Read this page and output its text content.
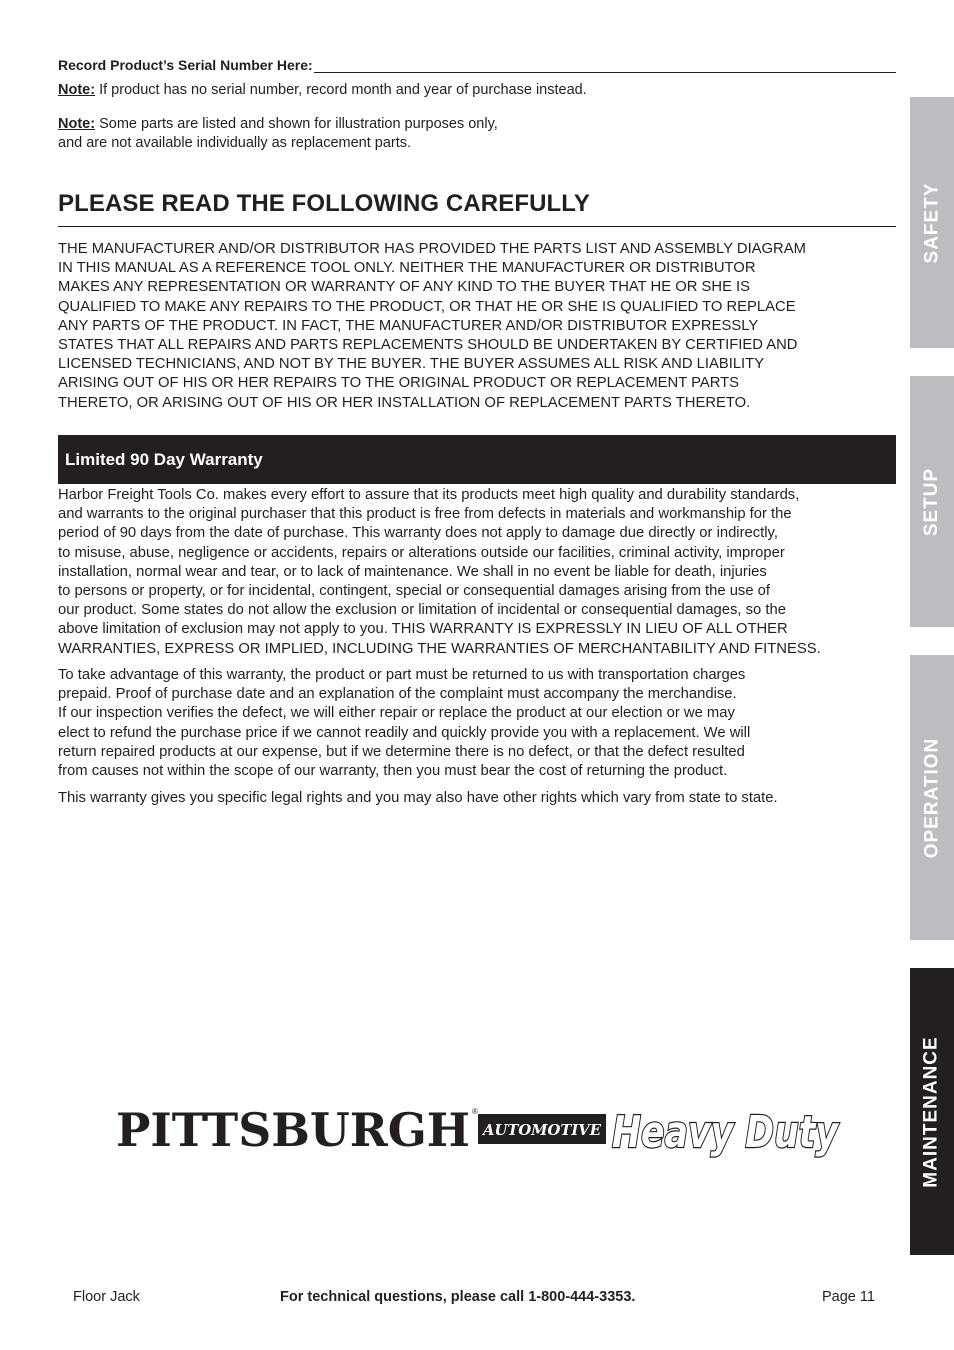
Record Product’s Serial Number Here:
Note: If product has no serial number, record month and year of purchase instead.
Note: Some parts are listed and shown for illustration purposes only,
and are not available individually as replacement parts.
PLEASE READ THE FOLLOWING CAREFULLY
THE MANUFACTURER AND/OR DISTRIBUTOR HAS PROVIDED THE PARTS LIST AND ASSEMBLY DIAGRAM
IN THIS MANUAL AS A REFERENCE TOOL ONLY. NEITHER THE MANUFACTURER OR DISTRIBUTOR
MAKES ANY REPRESENTATION OR WARRANTY OF ANY KIND TO THE BUYER THAT HE OR SHE IS
QUALIFIED TO MAKE ANY REPAIRS TO THE PRODUCT, OR THAT HE OR SHE IS QUALIFIED TO REPLACE
ANY PARTS OF THE PRODUCT. IN FACT, THE MANUFACTURER AND/OR DISTRIBUTOR EXPRESSLY
STATES THAT ALL REPAIRS AND PARTS REPLACEMENTS SHOULD BE UNDERTAKEN BY CERTIFIED AND
LICENSED TECHNICIANS, AND NOT BY THE BUYER. THE BUYER ASSUMES ALL RISK AND LIABILITY
ARISING OUT OF HIS OR HER REPAIRS TO THE ORIGINAL PRODUCT OR REPLACEMENT PARTS
THERETO, OR ARISING OUT OF HIS OR HER INSTALLATION OF REPLACEMENT PARTS THERETO.
Limited 90 Day Warranty
Harbor Freight Tools Co. makes every effort to assure that its products meet high quality and durability standards,
and warrants to the original purchaser that this product is free from defects in materials and workmanship for the
period of 90 days from the date of purchase. This warranty does not apply to damage due directly or indirectly,
to misuse, abuse, negligence or accidents, repairs or alterations outside our facilities, criminal activity, improper
installation, normal wear and tear, or to lack of maintenance. We shall in no event be liable for death, injuries
to persons or property, or for incidental, contingent, special or consequential damages arising from the use of
our product. Some states do not allow the exclusion or limitation of incidental or consequential damages, so the
above limitation of exclusion may not apply to you. THIS WARRANTY IS EXPRESSLY IN LIEU OF ALL OTHER
WARRANTIES, EXPRESS OR IMPLIED, INCLUDING THE WARRANTIES OF MERCHANTABILITY AND FITNESS.
To take advantage of this warranty, the product or part must be returned to us with transportation charges
prepaid. Proof of purchase date and an explanation of the complaint must accompany the merchandise.
If our inspection verifies the defect, we will either repair or replace the product at our election or we may
elect to refund the purchase price if we cannot readily and quickly provide you with a replacement. We will
return repaired products at our expense, but if we determine there is no defect, or that the defect resulted
from causes not within the scope of our warranty, then you must bear the cost of returning the product.
This warranty gives you specific legal rights and you may also have other rights which vary from state to state.
SAFETY
SETUP
OPERATION
MAINTENANCE
PITTSBURGH ®
AUTOMOTIVE Heavy Duty
Floor Jack	For technical questions, please call 1-800-444-3353.	Page 11
